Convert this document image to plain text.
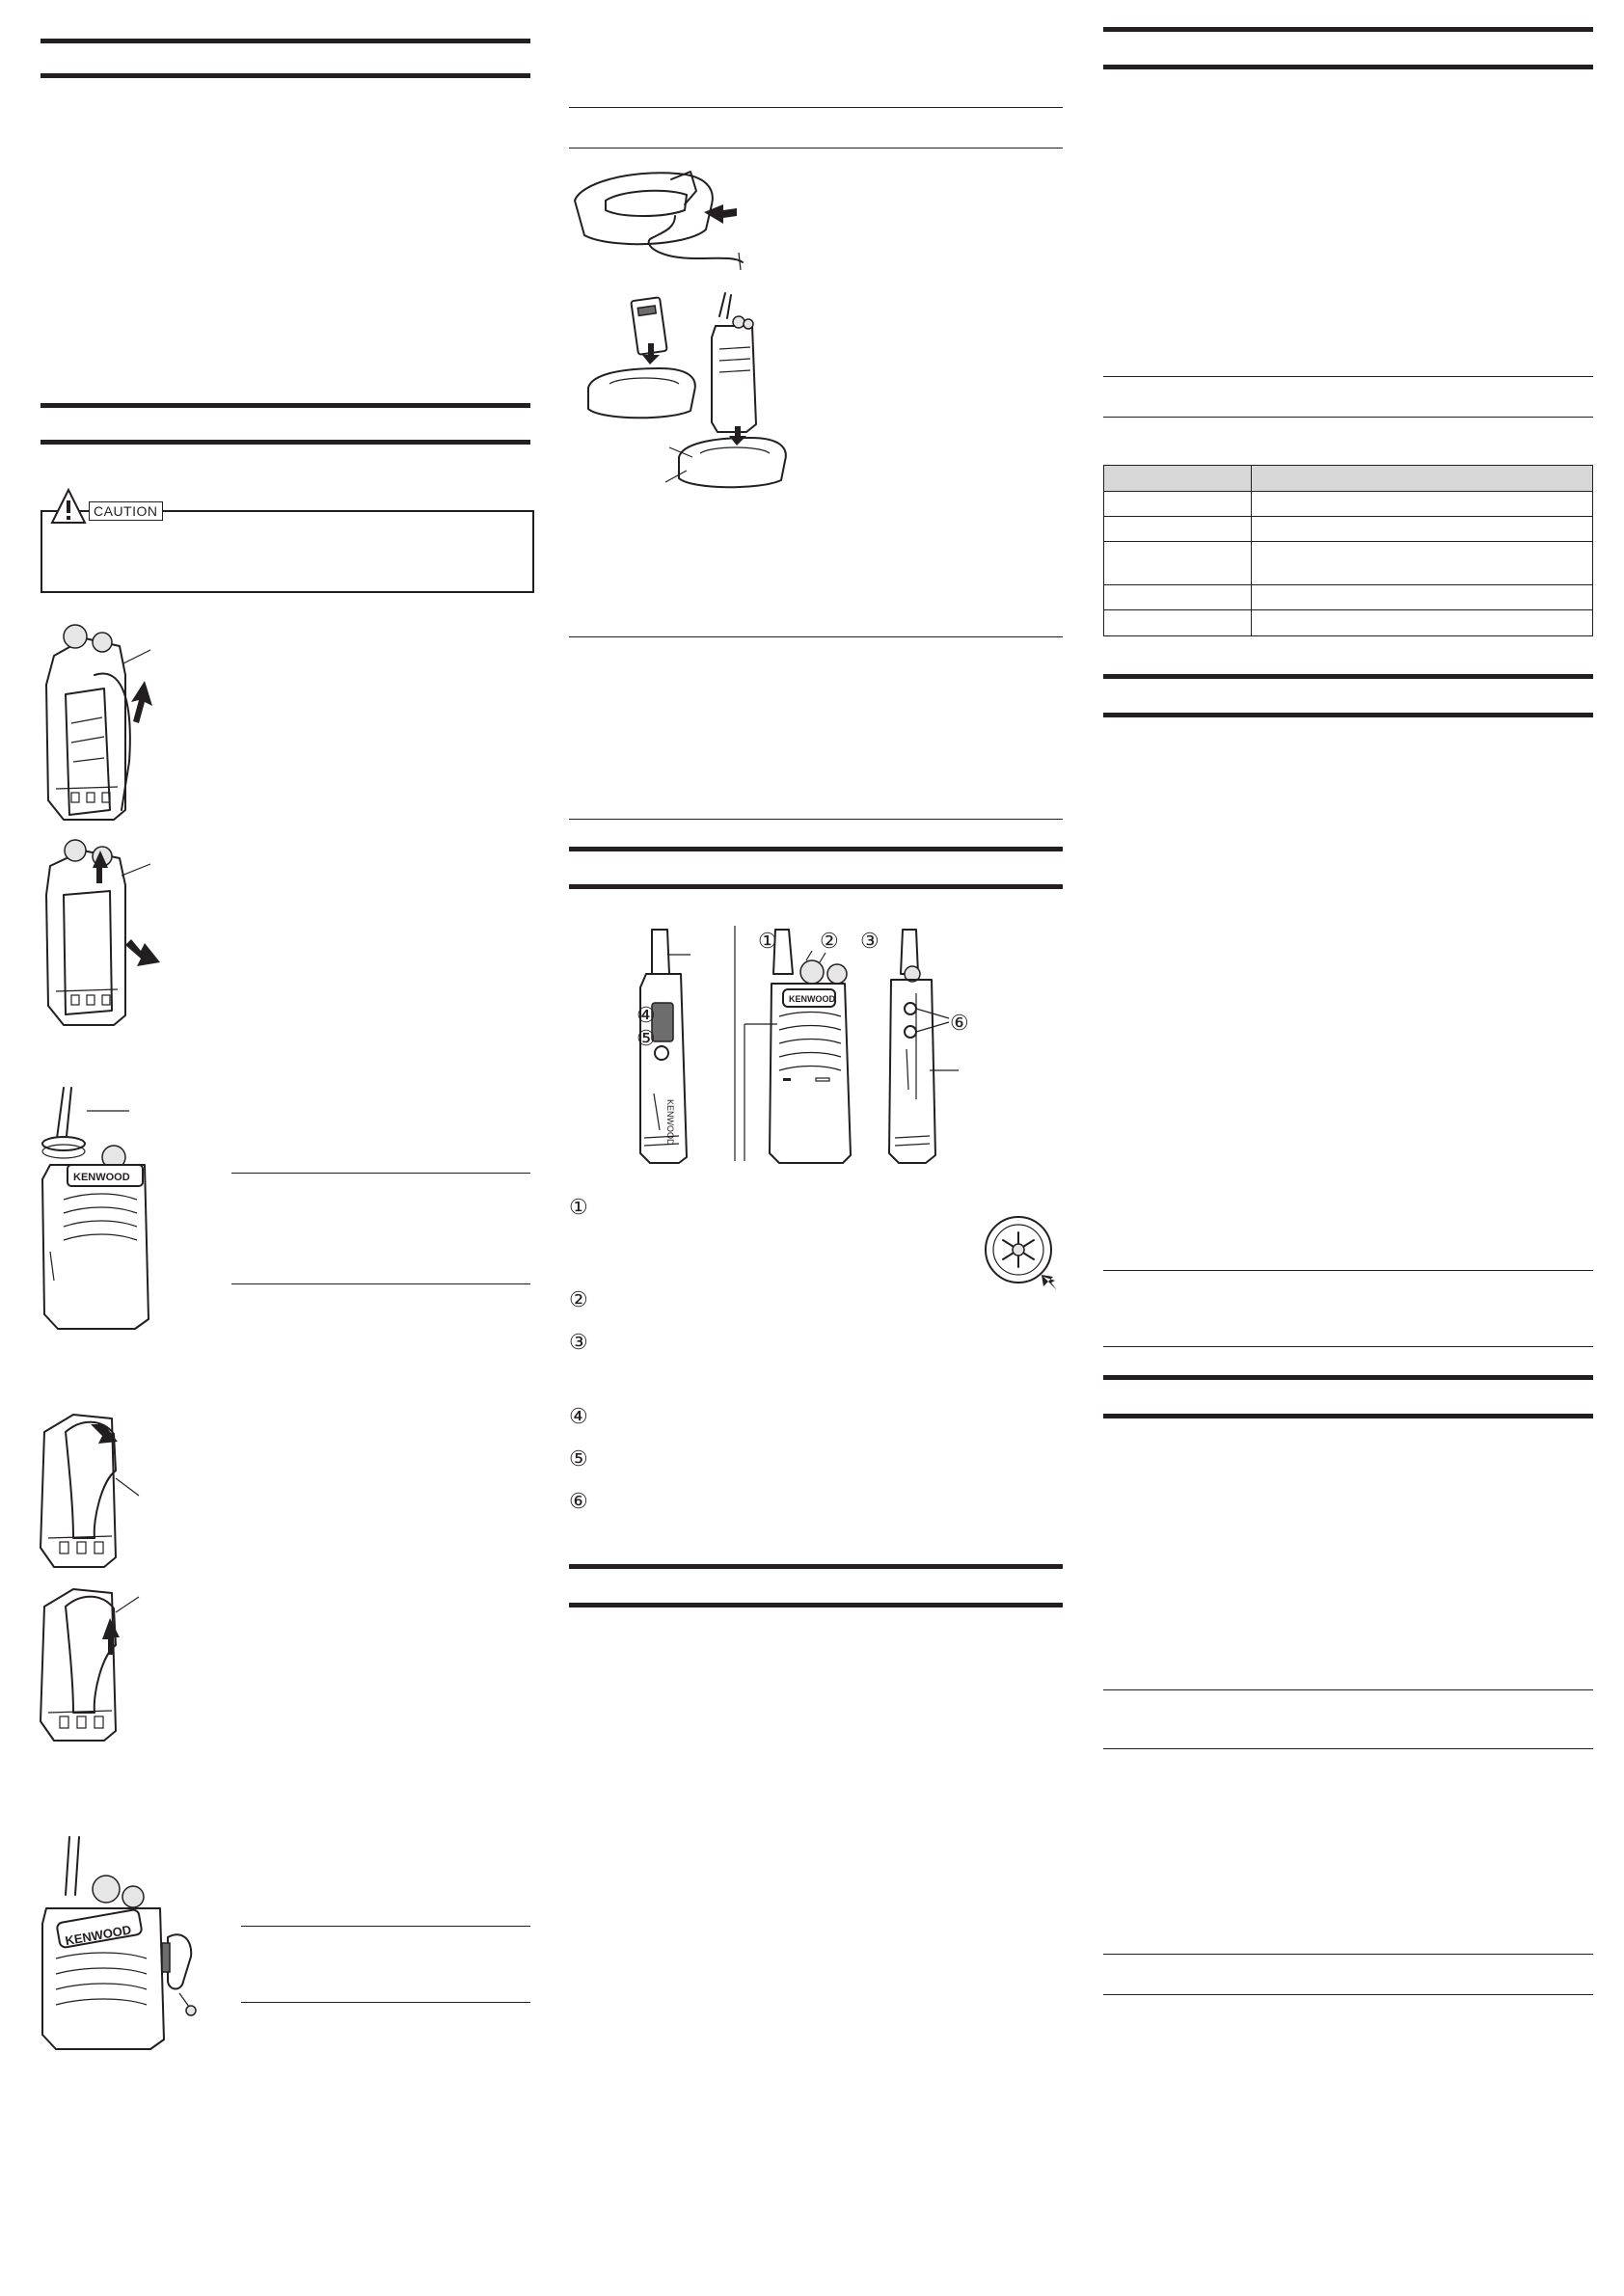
CAUTION
KENWOOD
KENWOOD
KENWOOD
KENWOOD
① ② ③
④
⑤
⑥
①
②
③
④
⑤
⑥
